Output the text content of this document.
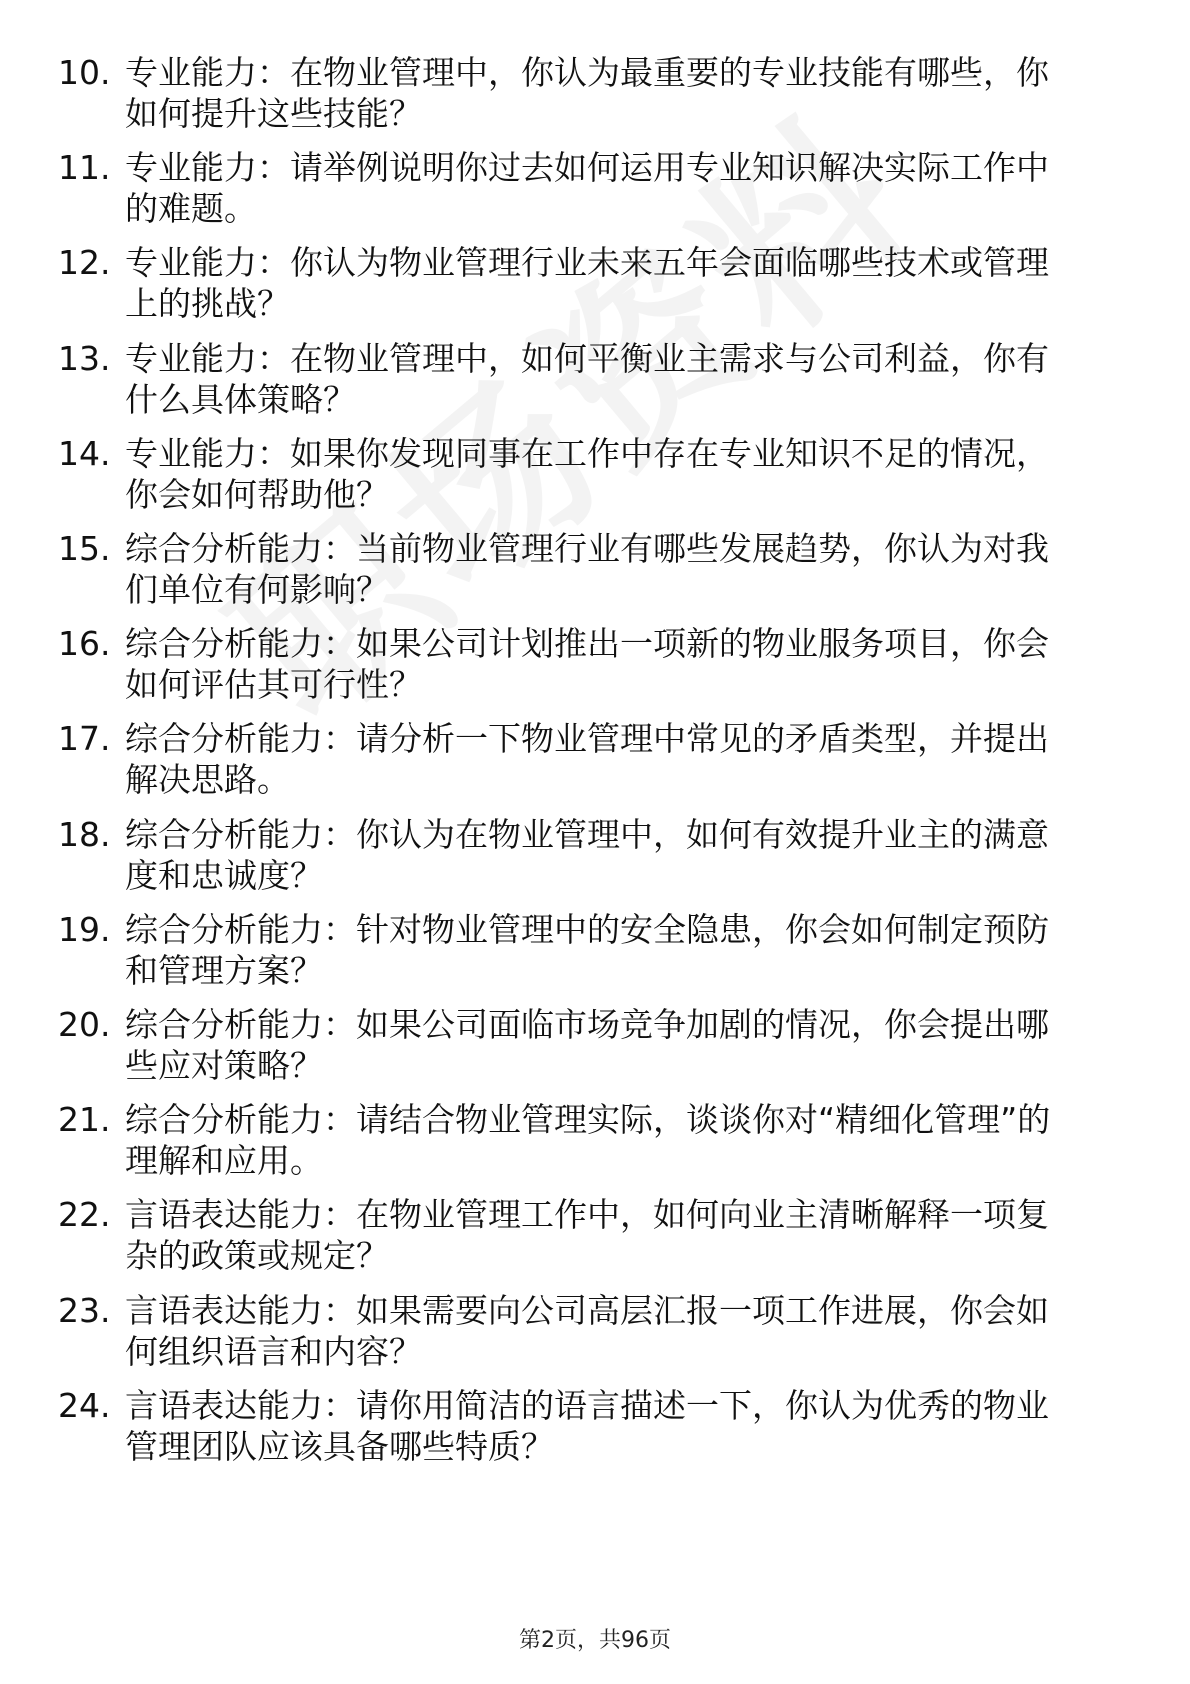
10. 专业能力：在物业管理中，你认为最重要的专业技能有哪些，你
如何提升这些技能？
11. 专业能力：请举例说明你过去如何运用专业知识解决实际工作中
的难题。
12. 专业能力：你认为物业管理行业未来五年会面临哪些技术或管理
上的挑战？
13. 专业能力：在物业管理中，如何平衡业主需求与公司利益，你有
什么具体策略？
14. 专业能力：如果你发现同事在工作中存在专业知识不足的情况，
你会如何帮助他？
15. 综合分析能力：当前物业管理行业有哪些发展趋势，你认为对我
们单位有何影响？
16. 综合分析能力：如果公司计划推出一项新的物业服务项目，你会
如何评估其可行性？
17. 综合分析能力：请分析一下物业管理中常见的矛盾类型，并提出
解决思路。
18. 综合分析能力：你认为在物业管理中，如何有效提升业主的满意
度和忠诚度？
19. 综合分析能力：针对物业管理中的安全隐患，你会如何制定预防
和管理方案？
20. 综合分析能力：如果公司面临市场竞争加剧的情况，你会提出哪
些应对策略？
21. 综合分析能力：请结合物业管理实际，谈谈你对“精细化管理”的
理解和应用。
22. 言语表达能力：在物业管理工作中，如何向业主清晰解释一项复
杂的政策或规定？
23. 言语表达能力：如果需要向公司高层汇报一项工作进展，你会如
何组织语言和内容？
24. 言语表达能力：请你用简洁的语言描述一下，你认为优秀的物业
管理团队应该具备哪些特质？
第2页，共96页
